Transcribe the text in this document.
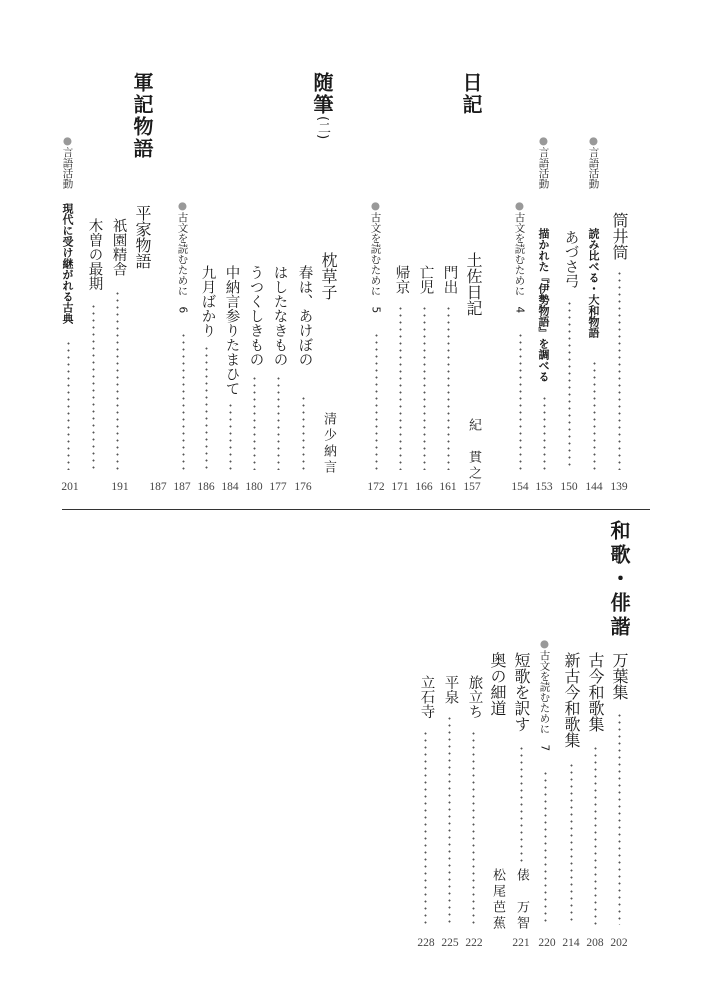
日記
随筆(二)
軍記物語
筒井筒
139
●言語活動
読み比べる・大和物語
144
あづさ弓
150
●言語活動
描かれた『伊勢物語』を調べる
153
●古文を読むために　4
154
土佐日記
紀　貫之
157
門出
161
亡児
166
帰京
171
●古文を読むために　5
枕草子
清少納言
172
春は、あけぼの
176
はしたなきもの
177
うつくしきもの
180
中納言参りたまひて
184
九月ばかり
186
●古文を読むために　6
平家物語
187
祇園精舎
187
木曽の最期
191
●言語活動
現代に受け継がれる古典
201
和歌・俳諧
万葉集
202
古今和歌集
208
新古今和歌集
214
●古文を読むために　7
220
短歌を訳す
俵　万智
221
奥の細道
松尾芭蕉
旅立ち
222
平泉
225
立石寺
228
